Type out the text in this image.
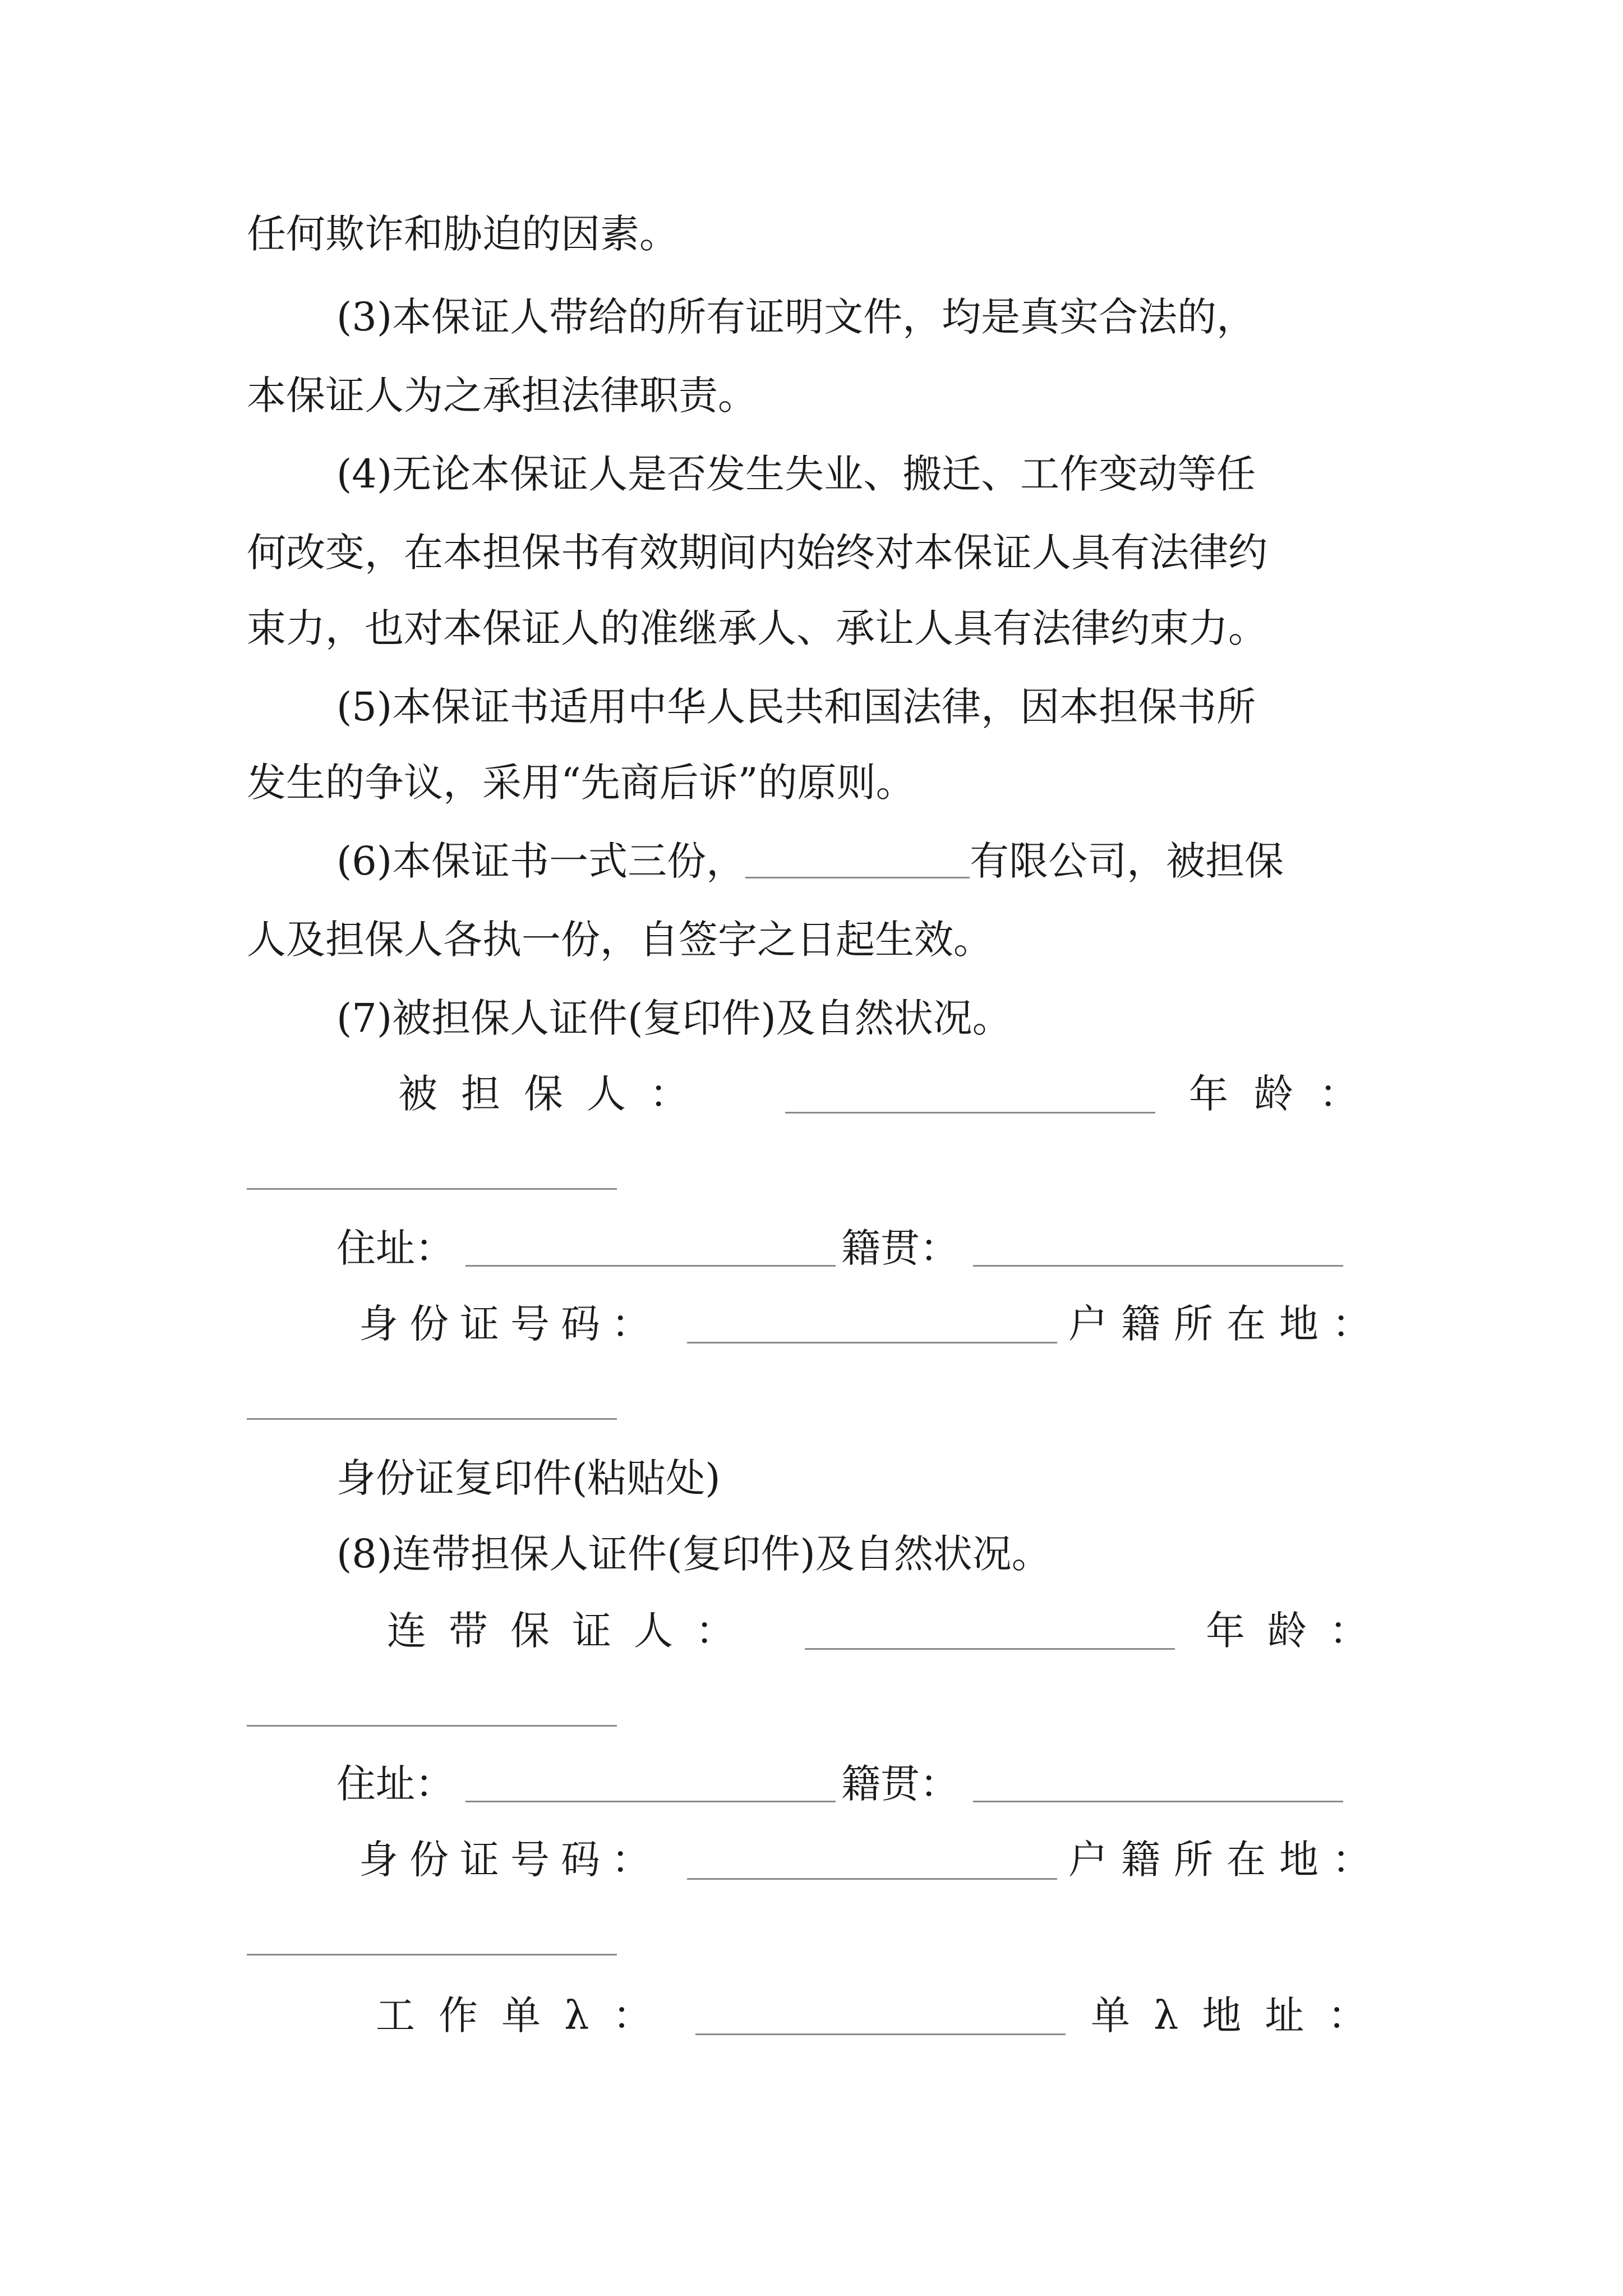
任何欺诈和胁迫的因素。
(3)本保证人带给的所有证明文件，均是真实合法的，
本保证人为之承担法律职责。
(4)无论本保证人是否发生失业、搬迁、工作变动等任
何改变，在本担保书有效期间内始终对本保证人具有法律约
束力，也对本保证人的准继承人、承让人具有法律约束力。
(5)本保证书适用中华人民共和国法律，因本担保书所
发生的争议，采用“先商后诉”的原则。
(6)本保证书一式三份，	有限公司，被担保
人及担保人各执一份，自签字之日起生效。
(7)被担保人证件(复印件)及自然状况。
被担保人：	年龄：
住址：	籍贯：
身份证号码：	户籍所在地：
身份证复印件(粘贴处)
(8)连带担保人证件(复印件)及自然状况。
连带保证人：	年龄：
住址：	籍贯：
身份证号码：	户籍所在地：
工作单λ：	单λ地址：
